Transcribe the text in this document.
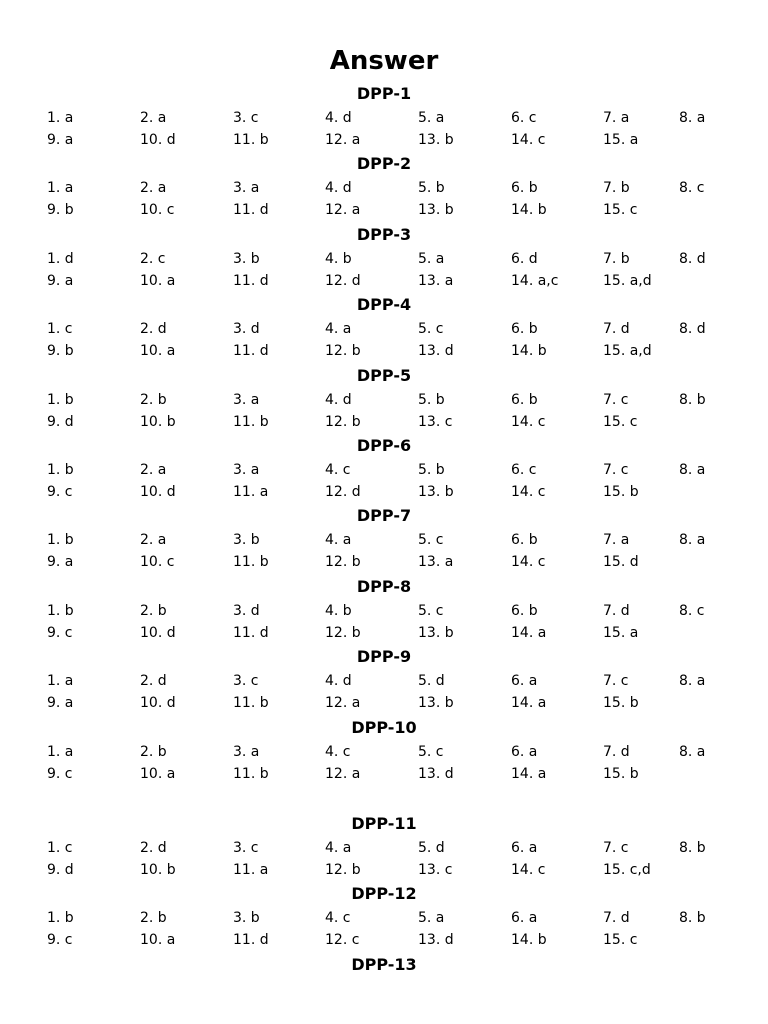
Answer
DPP-1
1. a	2. a	3. c	4. d	5. a	6. c	7. a	8. a
9. a	10. d	11. b	12. a	13. b	14. c	15. a
DPP-2
1. a	2. a	3. a	4. d	5. b	6. b	7. b	8. c
9. b	10. c	11. d	12. a	13. b	14. b	15. c
DPP-3
1. d	2. c	3. b	4. b	5. a	6. d	7. b	8. d
9. a	10. a	11. d	12. d	13. a	14. a,c	15. a,d
DPP-4
1. c	2. d	3. d	4. a	5. c	6. b	7. d	8. d
9. b	10. a	11. d	12. b	13. d	14. b	15. a,d
DPP-5
1. b	2. b	3. a	4. d	5. b	6. b	7. c	8. b
9. d	10. b	11. b	12. b	13. c	14. c	15. c
DPP-6
1. b	2. a	3. a	4. c	5. b	6. c	7. c	8. a
9. c	10. d	11. a	12. d	13. b	14. c	15. b
DPP-7
1. b	2. a	3. b	4. a	5. c	6. b	7. a	8. a
9. a	10. c	11. b	12. b	13. a	14. c	15. d
DPP-8
1. b	2. b	3. d	4. b	5. c	6. b	7. d	8. c
9. c	10. d	11. d	12. b	13. b	14. a	15. a
DPP-9
1. a	2. d	3. c	4. d	5. d	6. a	7. c	8. a
9. a	10. d	11. b	12. a	13. b	14. a	15. b
DPP-10
1. a	2. b	3. a	4. c	5. c	6. a	7. d	8. a
9. c	10. a	11. b	12. a	13. d	14. a	15. b
DPP-11
1. c	2. d	3. c	4. a	5. d	6. a	7. c	8. b
9. d	10. b	11. a	12. b	13. c	14. c	15. c,d
DPP-12
1. b	2. b	3. b	4. c	5. a	6. a	7. d	8. b
9. c	10. a	11. d	12. c	13. d	14. b	15. c
DPP-13
